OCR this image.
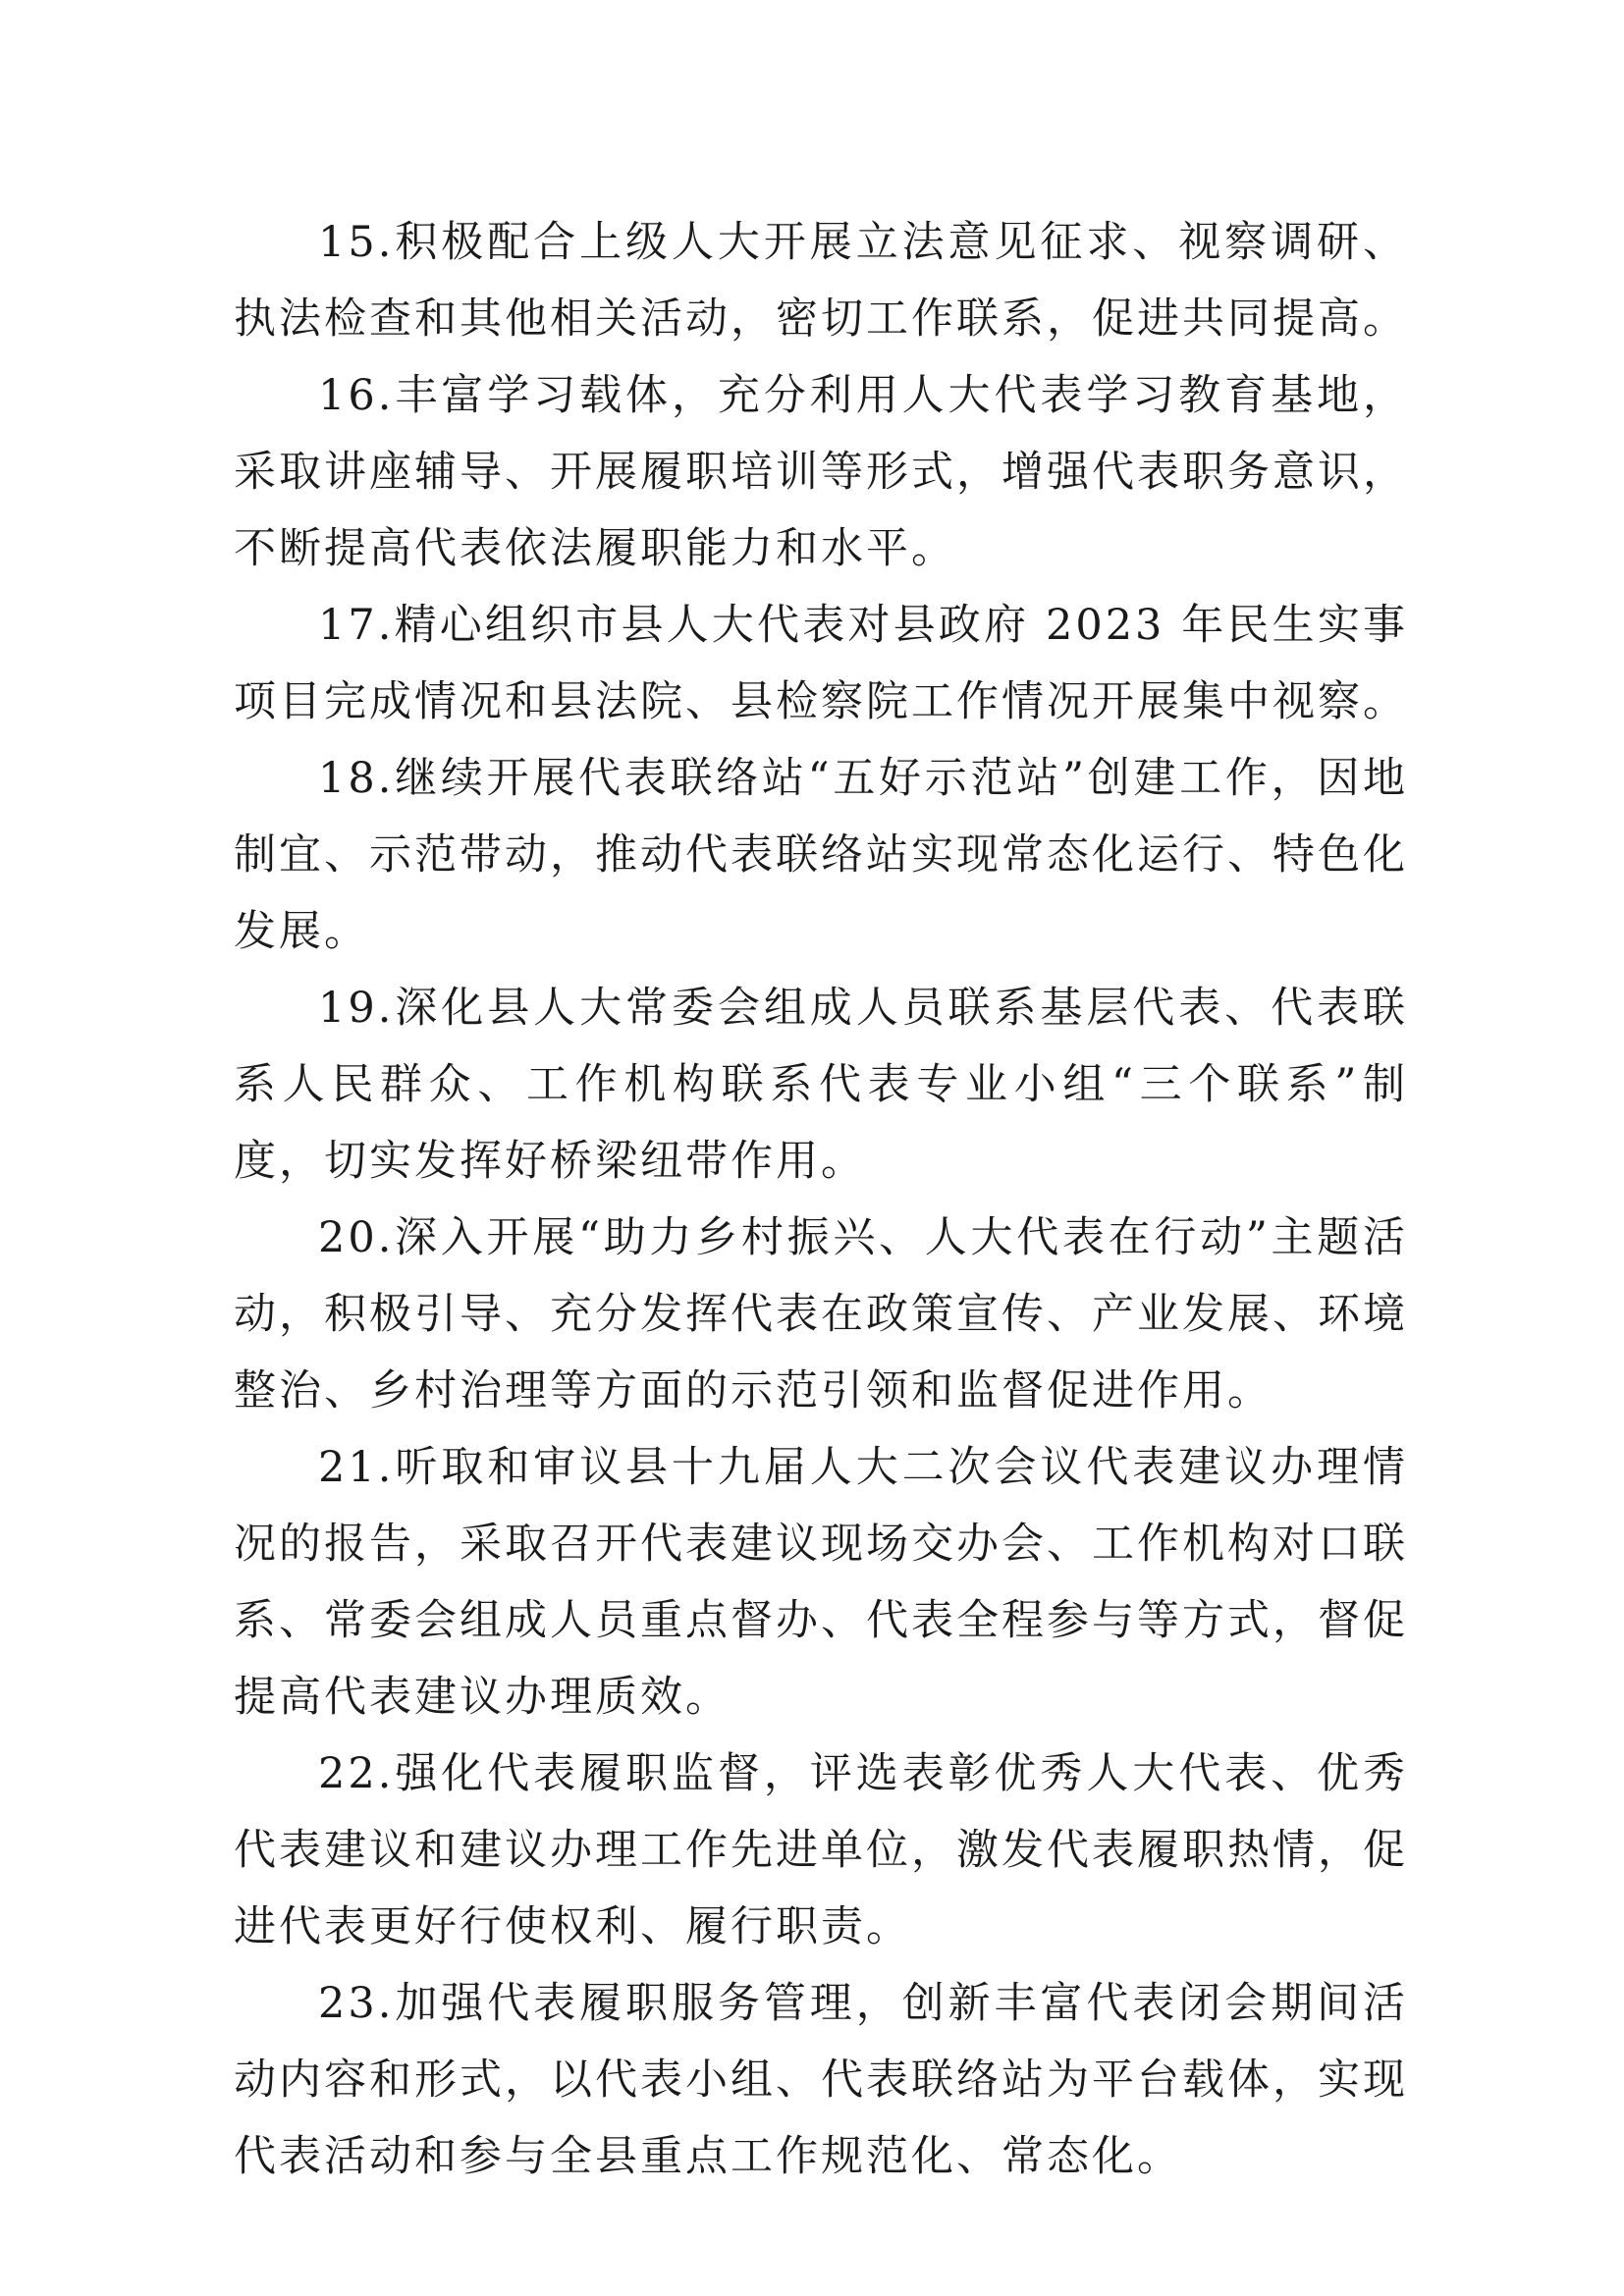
15.积极配合上级人大开展立法意见征求、视察调研、执法检查和其他相关活动，密切工作联系，促进共同提高。

16.丰富学习载体，充分利用人大代表学习教育基地，采取讲座辅导、开展履职培训等形式，增强代表职务意识，不断提高代表依法履职能力和水平。

17.精心组织市县人大代表对县政府 2023 年民生实事项目完成情况和县法院、县检察院工作情况开展集中视察。

18.继续开展代表联络站“五好示范站”创建工作，因地制宜、示范带动，推动代表联络站实现常态化运行、特色化发展。

19.深化县人大常委会组成人员联系基层代表、代表联系人民群众、工作机构联系代表专业小组“三个联系”制度，切实发挥好桥梁纽带作用。

20.深入开展“助力乡村振兴、人大代表在行动”主题活动，积极引导、充分发挥代表在政策宣传、产业发展、环境整治、乡村治理等方面的示范引领和监督促进作用。

21.听取和审议县十九届人大二次会议代表建议办理情况的报告，采取召开代表建议现场交办会、工作机构对口联系、常委会组成人员重点督办、代表全程参与等方式，督促提高代表建议办理质效。

22.强化代表履职监督，评选表彰优秀人大代表、优秀代表建议和建议办理工作先进单位，激发代表履职热情，促进代表更好行使权利、履行职责。

23.加强代表履职服务管理，创新丰富代表闭会期间活动内容和形式，以代表小组、代表联络站为平台载体，实现代表活动和参与全县重点工作规范化、常态化。
